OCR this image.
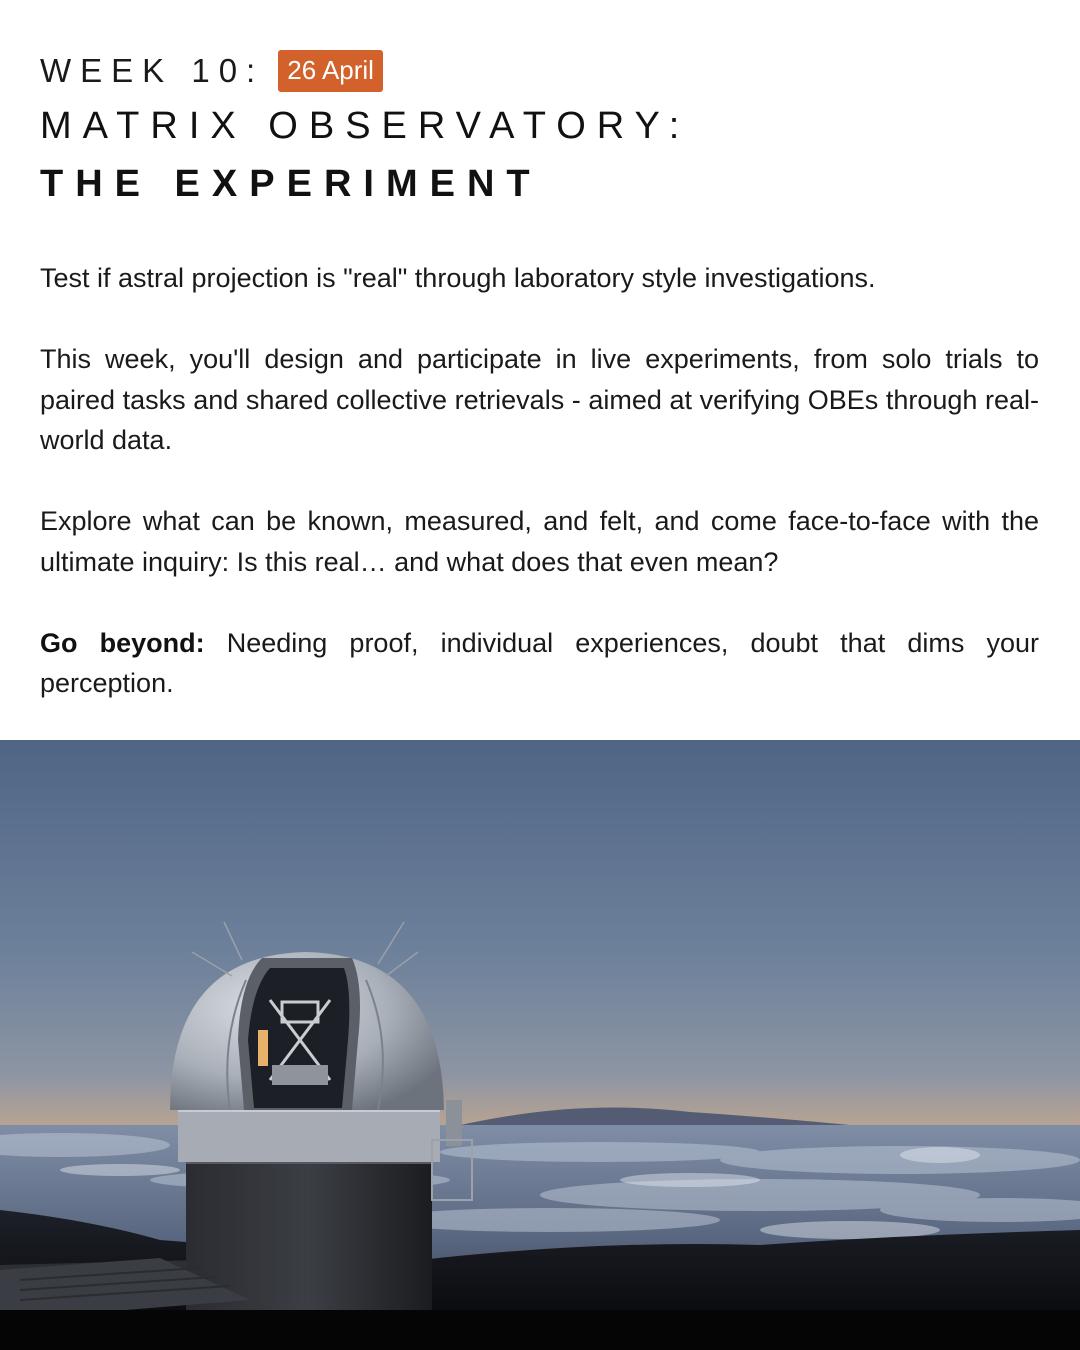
WEEK 10: 26 April
MATRIX OBSERVATORY:
THE EXPERIMENT

Test if astral projection is "real" through laboratory style investigations.

This week, you'll design and participate in live experiments, from solo trials to paired tasks and shared collective retrievals - aimed at verifying OBEs through real-world data.

Explore what can be known, measured, and felt, and come face-to-face with the ultimate inquiry: Is this real… and what does that even mean?

Go beyond: Needing proof, individual experiences, doubt that dims your perception.
